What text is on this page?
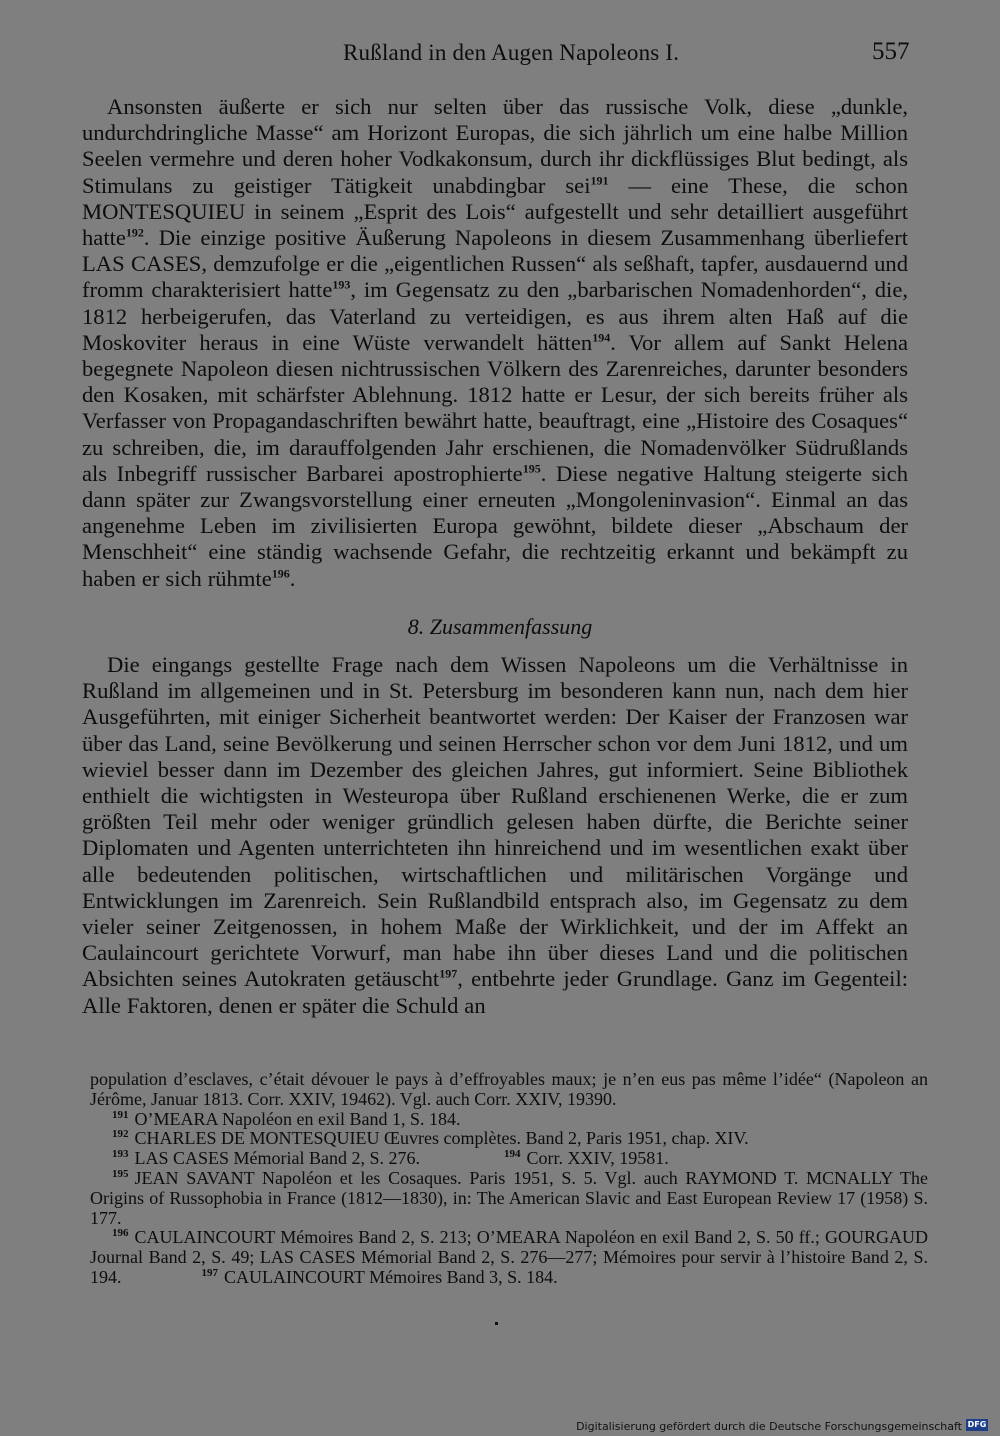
Rußland in den Augen Napoleons I.	557
Ansonsten äußerte er sich nur selten über das russische Volk, diese „dunkle, undurchdringliche Masse“ am Horizont Europas, die sich jährlich um eine halbe Million Seelen vermehre und deren hoher Vodkakonsum, durch ihr dickflüssiges Blut bedingt, als Stimulans zu geistiger Tätigkeit unabdingbar sei$^{191}$ — eine These, die schon MONTESQUIEU in seinem „Esprit des Lois“ aufgestellt und sehr detailliert ausgeführt hatte$^{192}$. Die einzige positive Äußerung Napoleons in diesem Zusammenhang überliefert LAS CASES, demzufolge er die „eigentlichen Russen“ als seßhaft, tapfer, ausdauernd und fromm charakterisiert hatte$^{193}$, im Gegensatz zu den „barbarischen Nomadenhorden“, die, 1812 herbeigerufen, das Vaterland zu verteidigen, es aus ihrem alten Haß auf die Moskoviter heraus in eine Wüste verwandelt hätten$^{194}$. Vor allem auf Sankt Helena begegnete Napoleon diesen nichtrussischen Völkern des Zarenreiches, darunter besonders den Kosaken, mit schärfster Ablehnung. 1812 hatte er Lesur, der sich bereits früher als Verfasser von Propagandaschriften bewährt hatte, beauftragt, eine „Histoire des Cosaques“ zu schreiben, die, im darauffolgenden Jahr erschienen, die Nomadenvölker Südrußlands als Inbegriff russischer Barbarei apostrophierte$^{195}$. Diese negative Haltung steigerte sich dann später zur Zwangsvorstellung einer erneuten „Mongoleninvasion“. Einmal an das angenehme Leben im zivilisierten Europa gewöhnt, bildete dieser „Abschaum der Menschheit“ eine ständig wachsende Gefahr, die rechtzeitig erkannt und bekämpft zu haben er sich rühmte$^{196}$.
8. Zusammenfassung
Die eingangs gestellte Frage nach dem Wissen Napoleons um die Verhältnisse in Rußland im allgemeinen und in St. Petersburg im besonderen kann nun, nach dem hier Ausgeführten, mit einiger Sicherheit beantwortet werden: Der Kaiser der Franzosen war über das Land, seine Bevölkerung und seinen Herrscher schon vor dem Juni 1812, und um wieviel besser dann im Dezember des gleichen Jahres, gut informiert. Seine Bibliothek enthielt die wichtigsten in Westeuropa über Rußland erschienenen Werke, die er zum größten Teil mehr oder weniger gründlich gelesen haben dürfte, die Berichte seiner Diplomaten und Agenten unterrichteten ihn hinreichend und im wesentlichen exakt über alle bedeutenden politischen, wirtschaftlichen und militärischen Vorgänge und Entwicklungen im Zarenreich. Sein Rußlandbild entsprach also, im Gegensatz zu dem vieler seiner Zeitgenossen, in hohem Maße der Wirklichkeit, und der im Affekt an Caulaincourt gerichtete Vorwurf, man habe ihn über dieses Land und die politischen Absichten seines Autokraten getäuscht$^{197}$, entbehrte jeder Grundlage. Ganz im Gegenteil: Alle Faktoren, denen er später die Schuld an
population d’esclaves, c’était dévouer le pays à d’effroyables maux; je n’en eus pas même l’idée“ (Napoleon an Jérôme, Januar 1813. Corr. XXIV, 19462). Vgl. auch Corr. XXIV, 19390.
$^{191}$ O’MEARA Napoléon en exil Band 1, S. 184.
$^{192}$ CHARLES DE MONTESQUIEU Œuvres complètes. Band 2, Paris 1951, chap. XIV.
$^{193}$ LAS CASES Mémorial Band 2, S. 276.	$^{194}$ Corr. XXIV, 19581.
$^{195}$ JEAN SAVANT Napoléon et les Cosaques. Paris 1951, S. 5. Vgl. auch RAYMOND T. MCNALLY The Origins of Russophobia in France (1812—1830), in: The American Slavic and East European Review 17 (1958) S. 177.
$^{196}$ CAULAINCOURT Mémoires Band 2, S. 213; O’MEARA Napoléon en exil Band 2, S. 50 ff.; GOURGAUD Journal Band 2, S. 49; LAS CASES Mémorial Band 2, S. 276—277; Mémoires pour servir à l’histoire Band 2, S. 194.	$^{197}$ CAULAINCOURT Mémoires Band 3, S. 184.
Digitalisierung gefördert durch die Deutsche Forschungsgemeinschaft DFG
